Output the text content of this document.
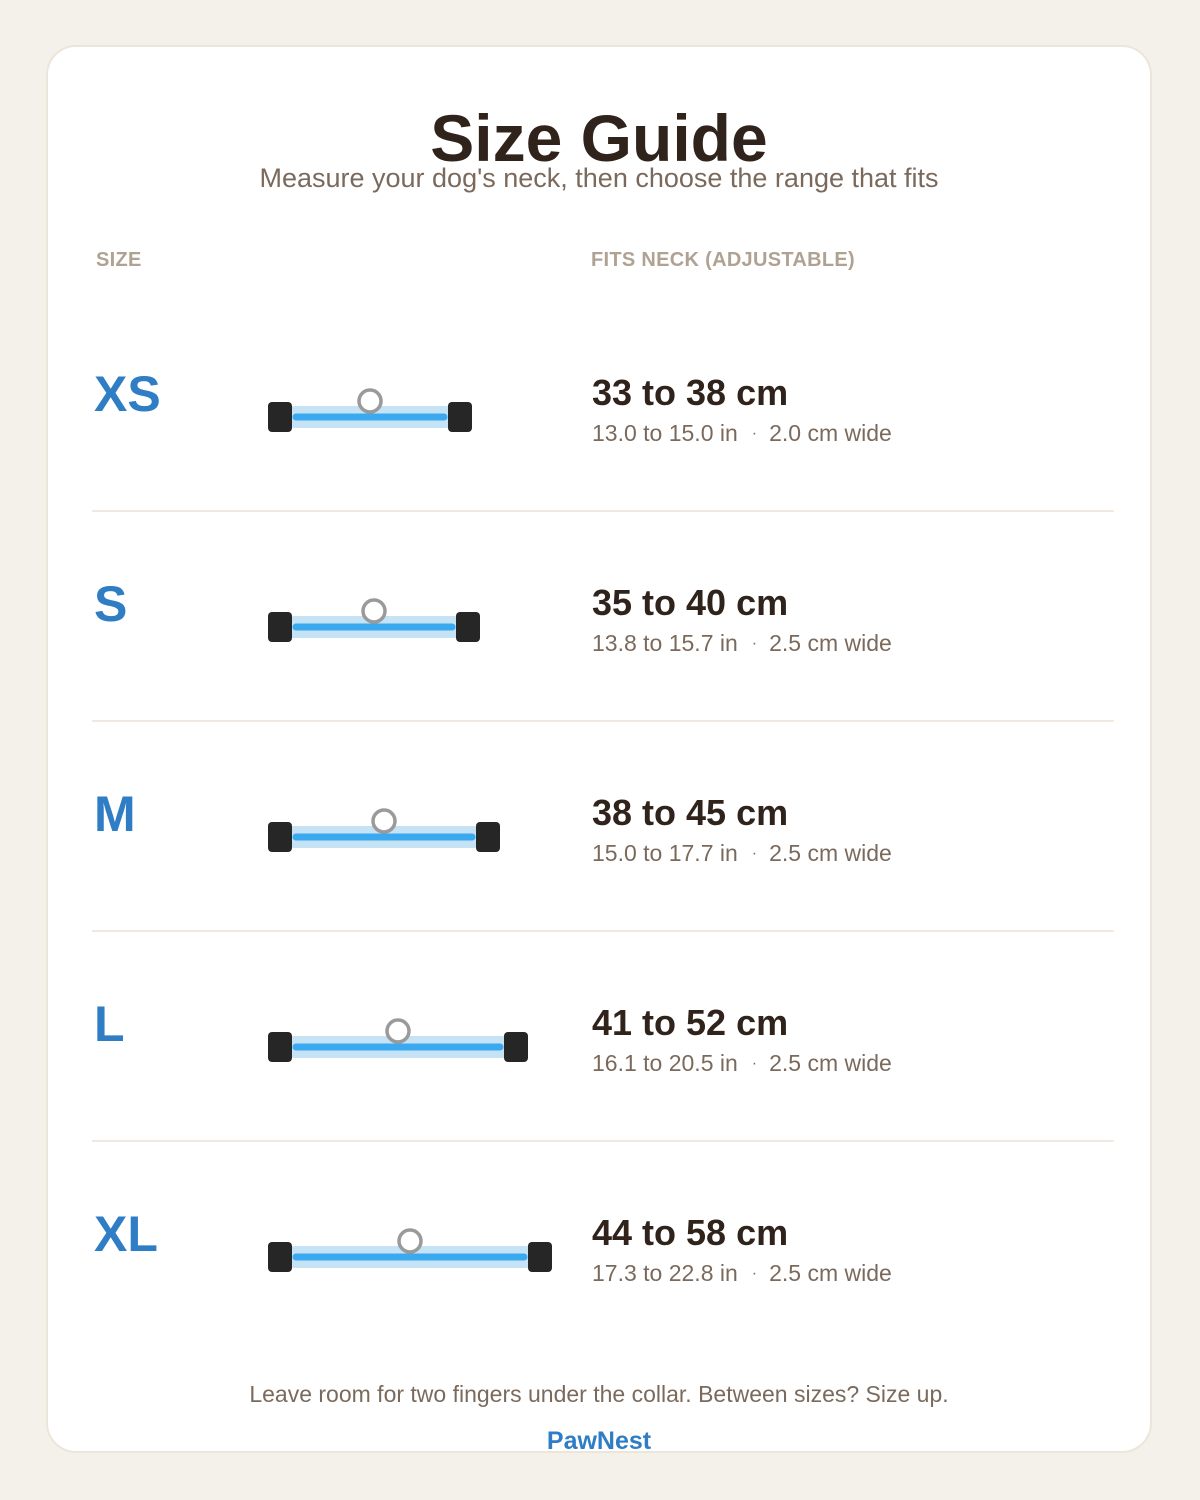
Size Guide
Measure your dog's neck, then choose the range that fits
SIZE	FITS NECK (ADJUSTABLE)
XS	33 to 38 cm
13.0 to 15.0 in · 2.0 cm wide
S	35 to 40 cm
13.8 to 15.7 in · 2.5 cm wide
M	38 to 45 cm
15.0 to 17.7 in · 2.5 cm wide
L	41 to 52 cm
16.1 to 20.5 in · 2.5 cm wide
XL	44 to 58 cm
17.3 to 22.8 in · 2.5 cm wide
Leave room for two fingers under the collar. Between sizes? Size up.
PawNest
